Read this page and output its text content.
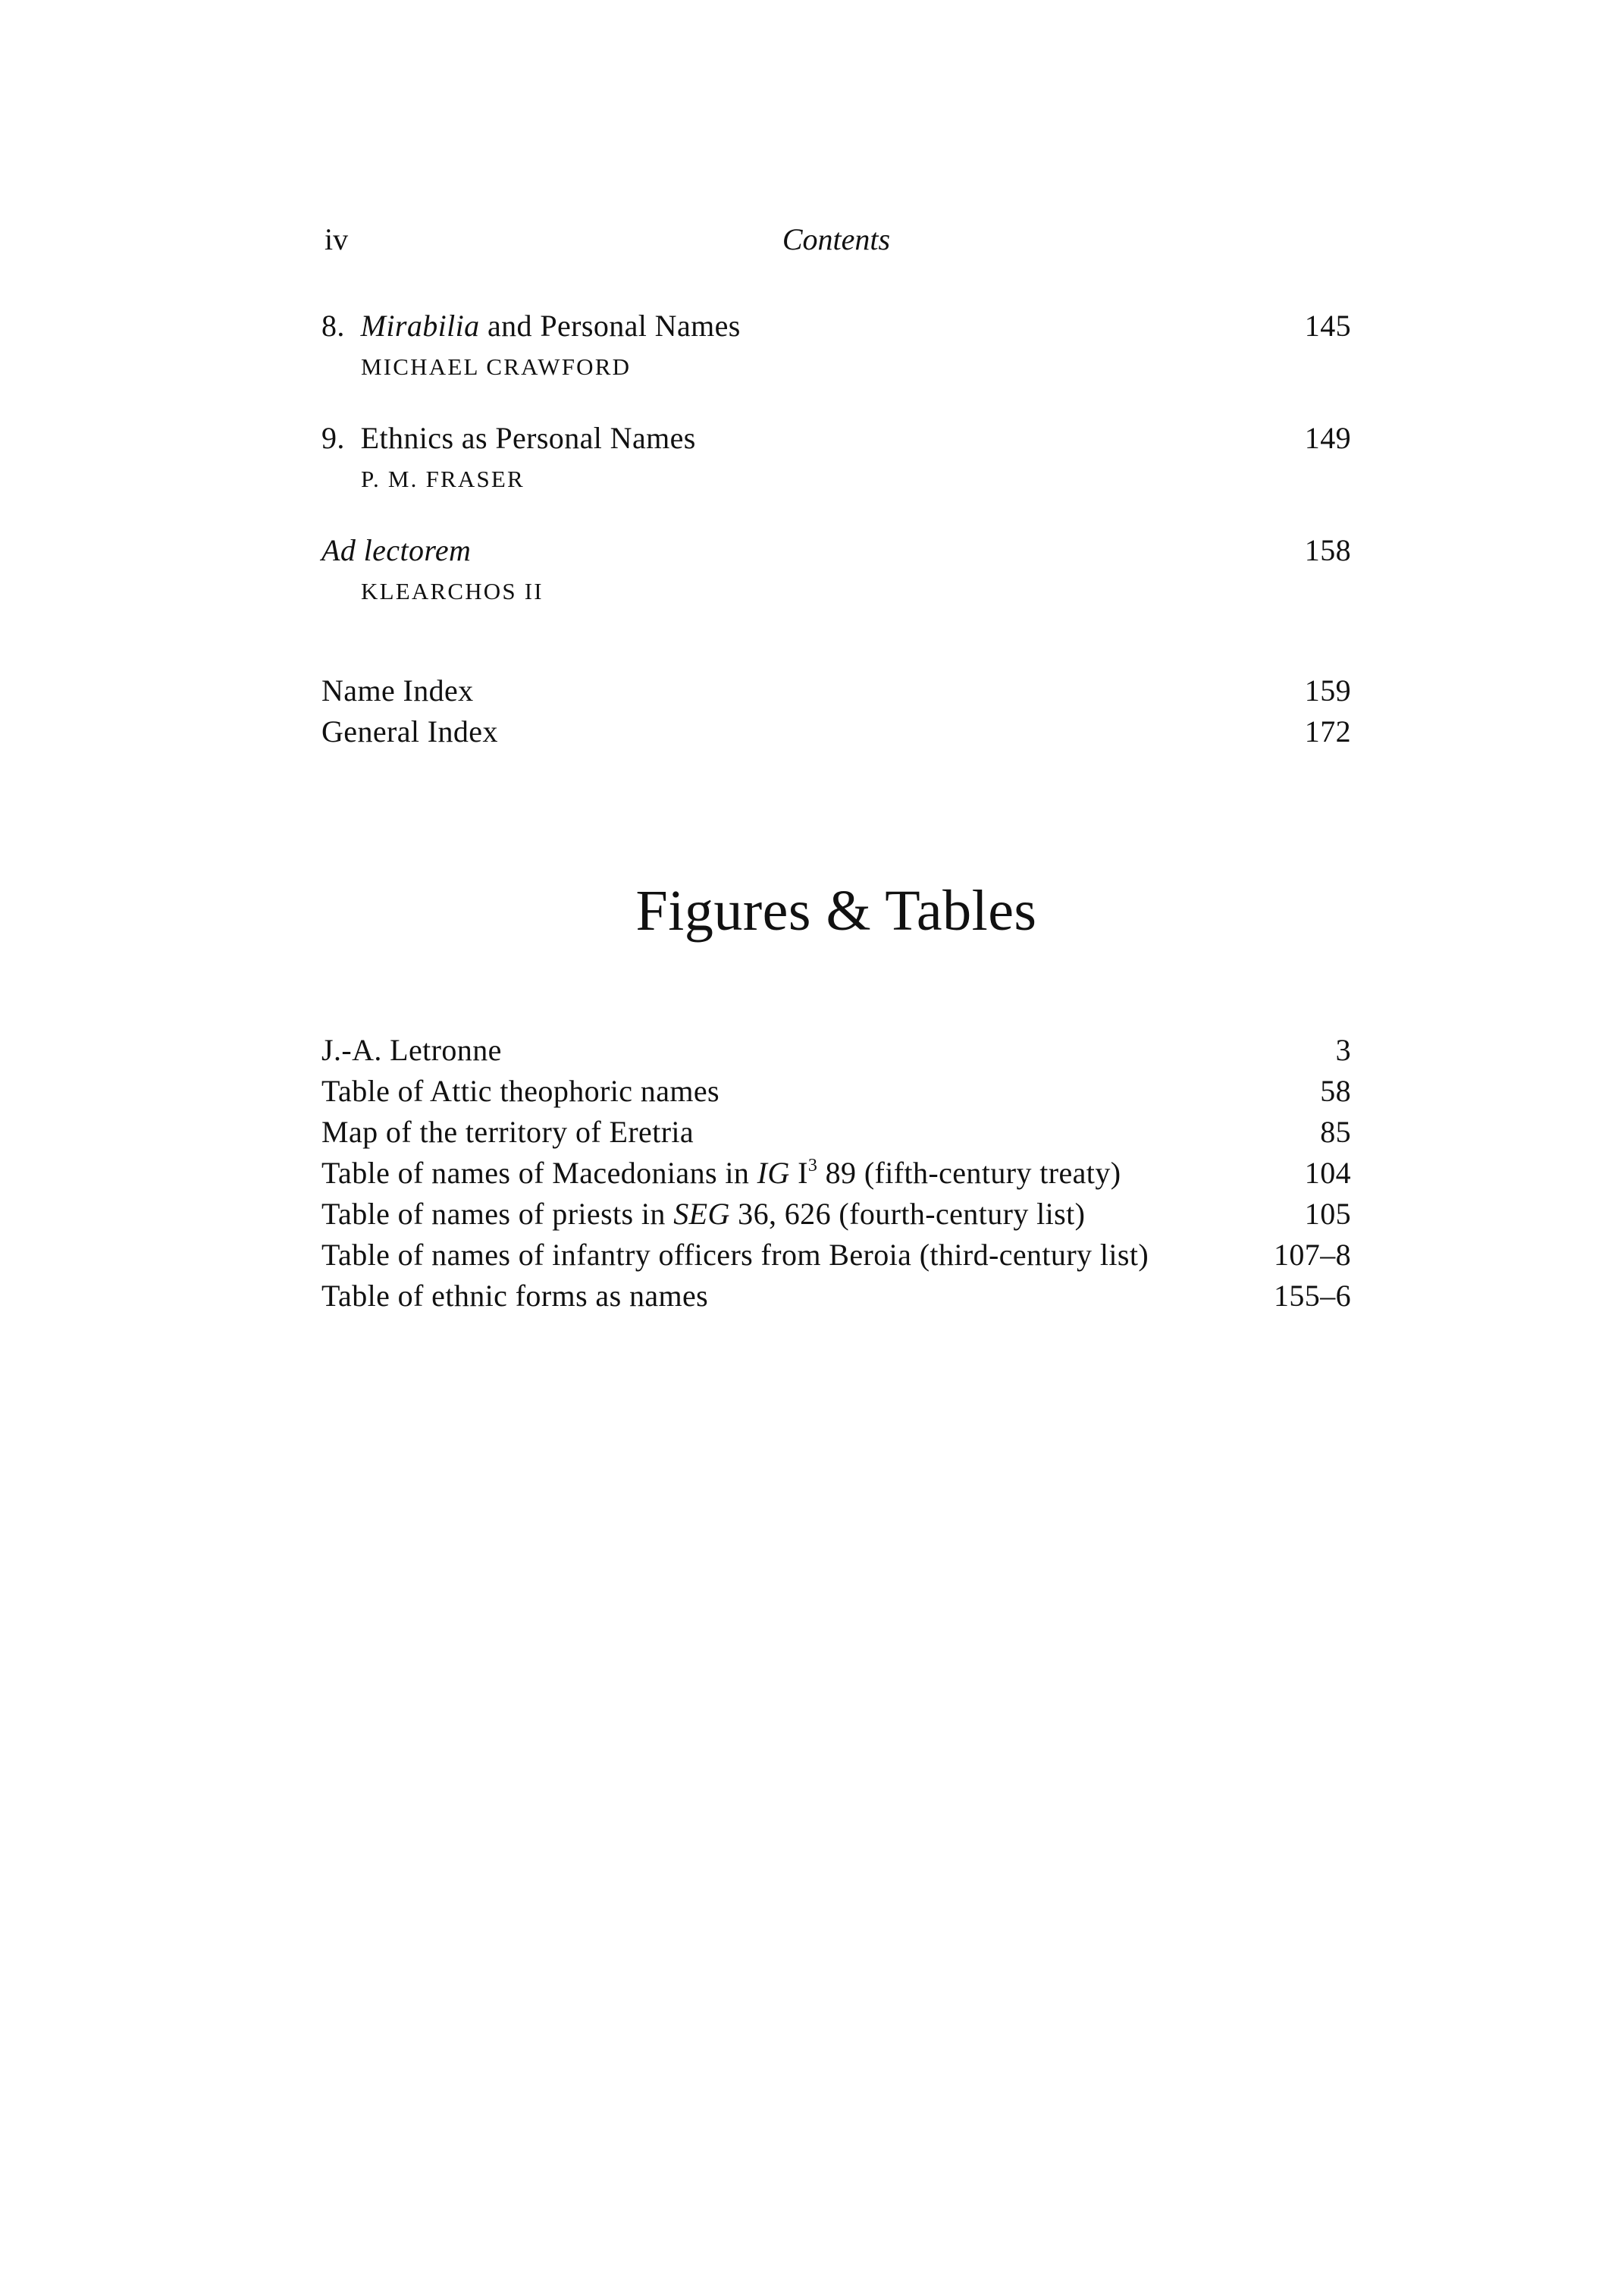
iv	Contents
8. Mirabilia and Personal Names	145
MICHAEL CRAWFORD
9. Ethnics as Personal Names	149
P. M. FRASER
Ad lectorem	158
KLEARCHOS II
Name Index	159
General Index	172
Figures & Tables
J.-A. Letronne	3
Table of Attic theophoric names	58
Map of the territory of Eretria	85
Table of names of Macedonians in IG $I^3$ 89 (fifth-century treaty)	104
Table of names of priests in SEG 36, 626 (fourth-century list)	105
Table of names of infantry officers from Beroia (third-century list)	107–8
Table of ethnic forms as names	155–6
